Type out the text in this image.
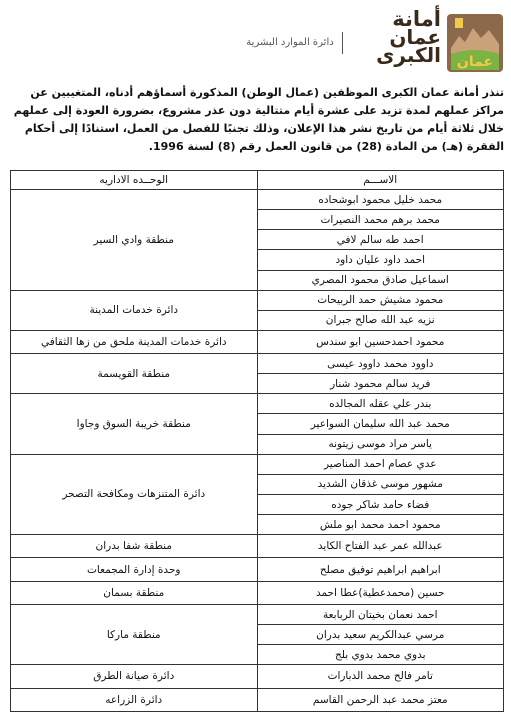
أمانة
عمان
الكبرى عمان
دائرة الموارد البشرية
تنذر أمانة عمان الكبرى الموظفين (عمال الوطن) المذكورة أسماؤهم أدناه، المتغيبين عن مراكز عملهم لمدة تزيد على عشرة أيام متتالية دون عذر مشروع، بضرورة العودة إلى عملهم خلال ثلاثة أيام من تاريخ نشر هذا الإعلان، وذلك تجنبًا للفصل من العمل، استنادًا إلى أحكام الفقرة (هـ) من المادة (28) من قانون العمل رقم (8) لسنة 1996.
الاســـم	الوحــده الاداريه
محمد خليل محمود ابوشحاده	منطقة وادي السير
محمد برهم محمد النصيرات	
احمد طه سالم لافي	
احمد داود عليان داود	
اسماعيل صادق محمود المصري	
محمود مشيش حمد الربيحات	دائرة خدمات المدينة
نزيه عبد الله صالح جبران	
محمود احمدحسين ابو سندس	دائرة خدمات المدينة ملحق من زها الثقافي
داوود محمد داوود عيسى	منطقة القويسمة
فريد سالم محمود شنار	
بندر علي عقله المجالده	منطقة خريبة السوق وجاوا
محمد عبد الله سليمان السواعير	
ياسر مراد موسى زيتونه	
عدي عصام احمد المناصير	دائرة المتنزهات ومكافحة التصحر
مشهور موسى غذقان الشديد	
فضاء حامد شاكر جوده	
محمود احمد محمد ابو ملش	
عبدالله عمر عبد الفتاح الكايد	منطقة شفا بدران
ابراهيم ابراهيم توفيق مصلح	وحدة إدارة المجمعات
حسين (محمدعطية)عطا احمد	منطقة بسمان
احمد نعمان بخيتان الربابعة	منطقة ماركا
مرسي عبدالكريم سعيد بدران	
بدوي محمد بدوي بلج	
تامر فالح محمد الدبارات	دائرة صيانة الطرق
معتز محمد عبد الرحمن القاسم	دائرة الزراعه
